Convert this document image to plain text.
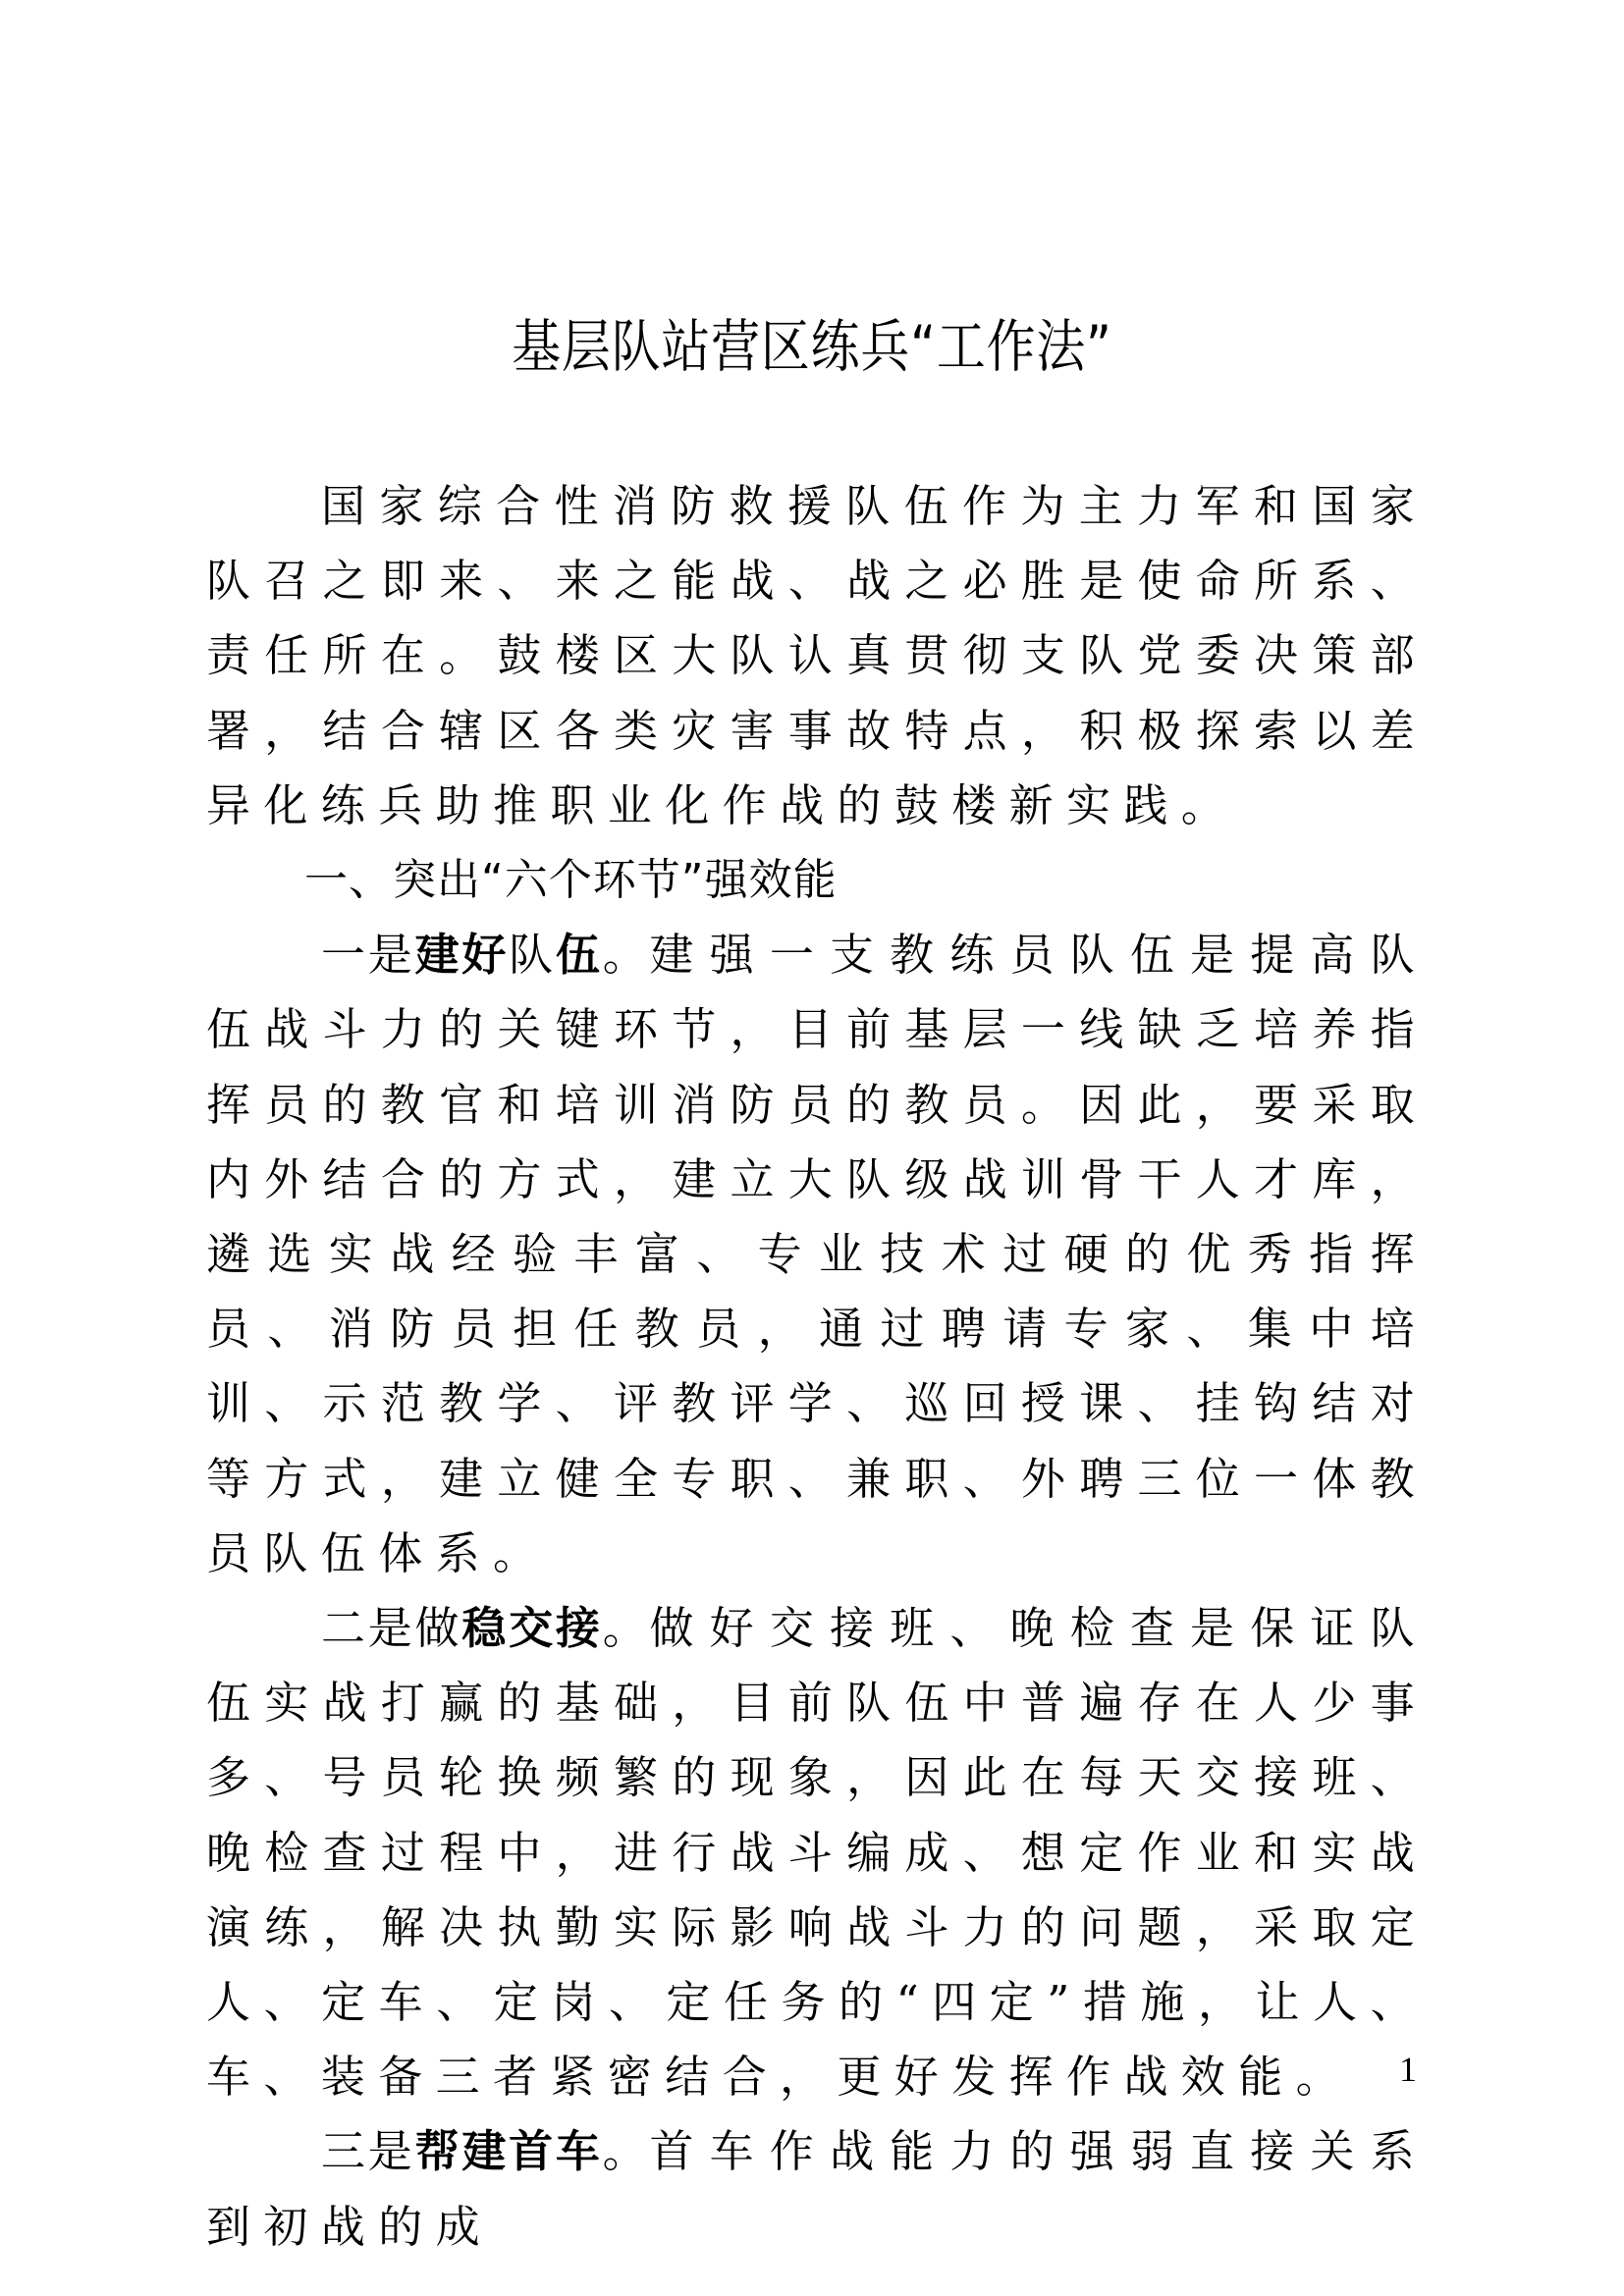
基层队站营区练兵“工作法”

国家综合性消防救援队伍作为主力军和国家队召之即来、来之能战、战之必胜是使命所系、责任所在。鼓楼区大队认真贯彻支队党委决策部署，结合辖区各类灾害事故特点，积极探索以差异化练兵助推职业化作战的鼓楼新实践。

一、突出“六个环节”强效能

一是建好队伍。建强一支教练员队伍是提高队伍战斗力的关键环节，目前基层一线缺乏培养指挥员的教官和培训消防员的教员。因此，要采取内外结合的方式，建立大队级战训骨干人才库，遴选实战经验丰富、专业技术过硬的优秀指挥员、消防员担任教员，通过聘请专家、集中培训、示范教学、评教评学、巡回授课、挂钩结对等方式，建立健全专职、兼职、外聘三位一体教员队伍体系。

二是做稳交接。做好交接班、晚检查是保证队伍实战打赢的基础，目前队伍中普遍存在人少事多、号员轮换频繁的现象，因此在每天交接班、晚检查过程中，进行战斗编成、想定作业和实战演练，解决执勤实际影响战斗力的问题，采取定人、定车、定岗、定任务的“四定”措施，让人、车、装备三者紧密结合，更好发挥作战效能。

三是帮建首车。首车作战能力的强弱直接关系到初战的成

1
